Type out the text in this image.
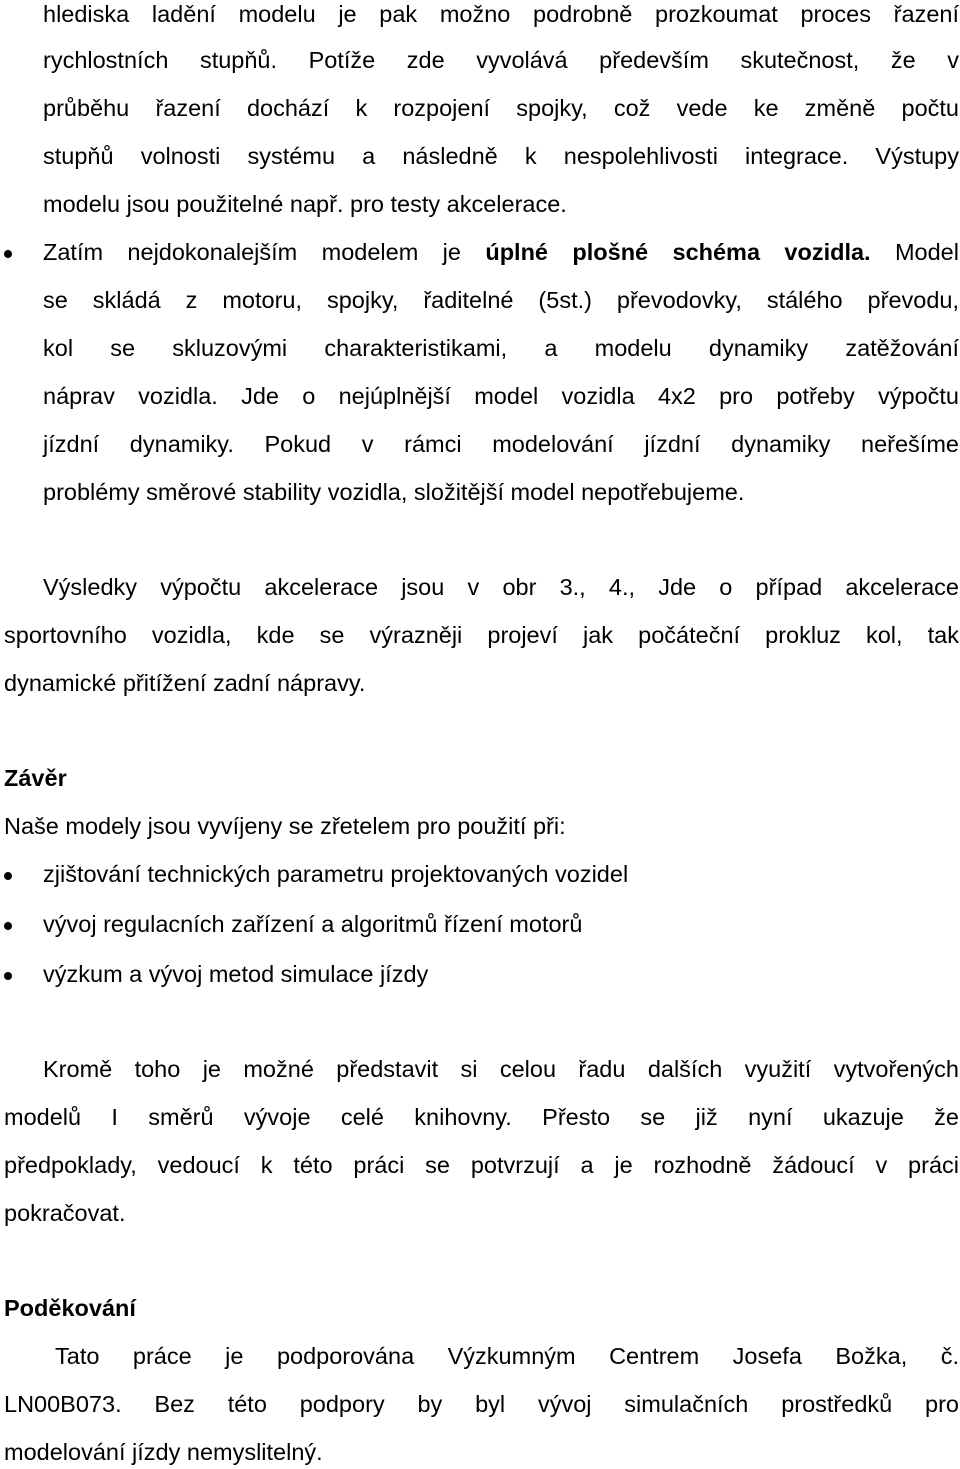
hlediska ladění modelu je pak možno podrobně prozkoumat proces řazení
rychlostních stupňů. Potíže zde vyvolává především skutečnost, že v
průběhu řazení dochází k rozpojení spojky, což vede ke změně počtu
stupňů volnosti systému a následně k nespolehlivosti integrace. Výstupy
modelu jsou použitelné např. pro testy akcelerace.
Zatím nejdokonalejším modelem je úplné plošné schéma vozidla. Model
se skládá z motoru, spojky, řaditelné (5st.) převodovky, stálého převodu,
kol se skluzovými charakteristikami, a modelu dynamiky zatěžování
náprav vozidla. Jde o nejúplnější model vozidla 4x2 pro potřeby výpočtu
jízdní dynamiky. Pokud v rámci modelování jízdní dynamiky neřešíme
problémy směrové stability vozidla, složitější model nepotřebujeme.
Výsledky výpočtu akcelerace jsou v obr 3., 4., Jde o případ akcelerace
sportovního vozidla, kde se výrazněji projeví jak počáteční prokluz kol, tak
dynamické přitížení zadní nápravy.
Závěr
Naše modely jsou vyvíjeny se zřetelem pro použití při:
zjištování technických parametru projektovaných vozidel
vývoj regulacních zařízení a algoritmů řízení motorů
výzkum a vývoj metod simulace jízdy
Kromě toho je možné představit si celou řadu dalších využití vytvořených
modelů I směrů vývoje celé knihovny. Přesto se již nyní ukazuje že
předpoklady, vedoucí k této práci se potvrzují a je rozhodně žádoucí v práci
pokračovat.
Poděkování
Tato práce je podporována Výzkumným Centrem Josefa Božka, č.
LN00B073. Bez této podpory by byl vývoj simulačních prostředků pro
modelování jízdy nemyslitelný.
